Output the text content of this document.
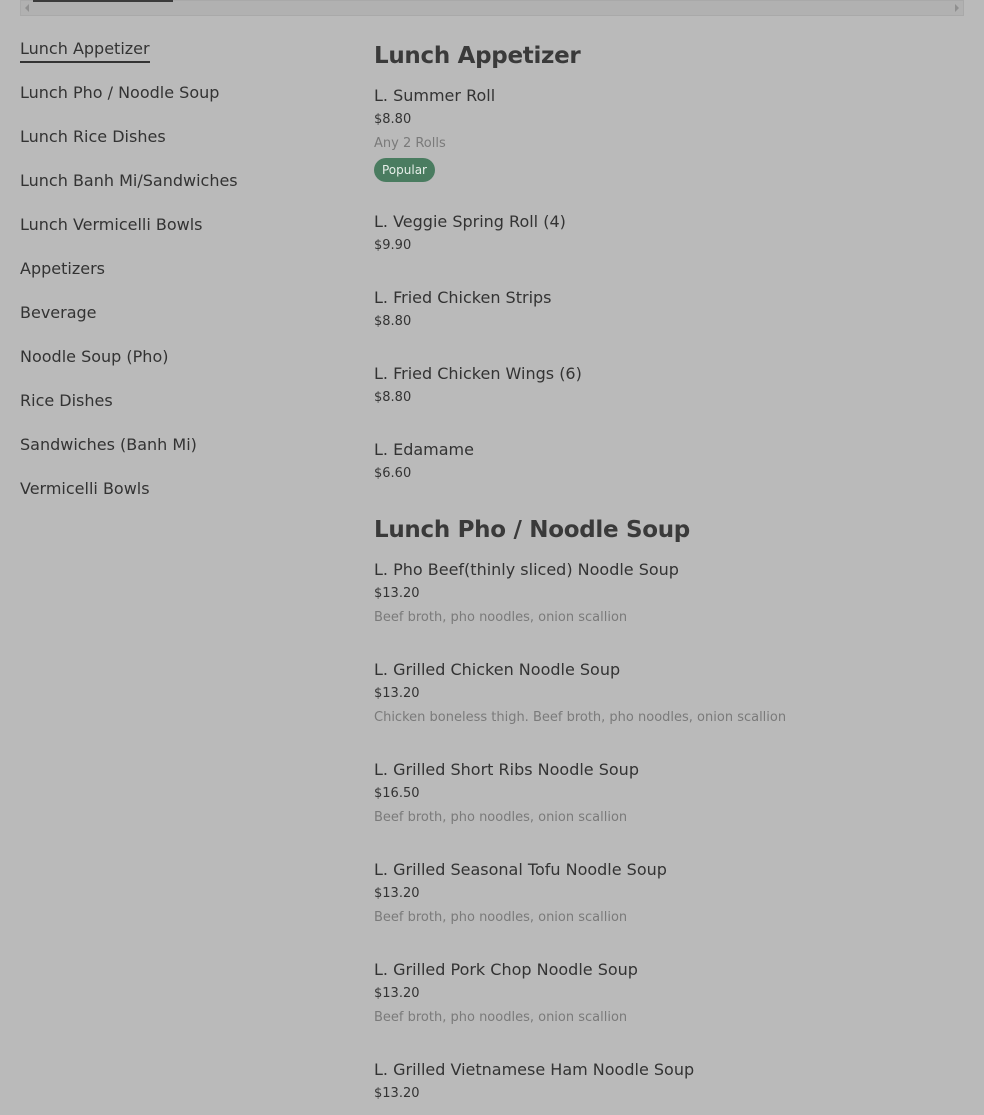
Lunch Appetizer
Lunch Pho / Noodle Soup
Lunch Rice Dishes
Lunch Banh Mi/Sandwiches
Lunch Vermicelli Bowls
Appetizers
Beverage
Noodle Soup (Pho)
Rice Dishes
Sandwiches (Banh Mi)
Vermicelli Bowls
Lunch Appetizer
L. Summer Roll
$8.80
Any 2 Rolls
Popular
L. Veggie Spring Roll (4)
$9.90
L. Fried Chicken Strips
$8.80
L. Fried Chicken Wings (6)
$8.80
L. Edamame
$6.60
Lunch Pho / Noodle Soup
L. Pho Beef(thinly sliced) Noodle Soup
$13.20
Beef broth, pho noodles, onion scallion
L. Grilled Chicken Noodle Soup
$13.20
Chicken boneless thigh. Beef broth, pho noodles, onion scallion
L. Grilled Short Ribs Noodle Soup
$16.50
Beef broth, pho noodles, onion scallion
L. Grilled Seasonal Tofu Noodle Soup
$13.20
Beef broth, pho noodles, onion scallion
L. Grilled Pork Chop Noodle Soup
$13.20
Beef broth, pho noodles, onion scallion
L. Grilled Vietnamese Ham Noodle Soup
$13.20
